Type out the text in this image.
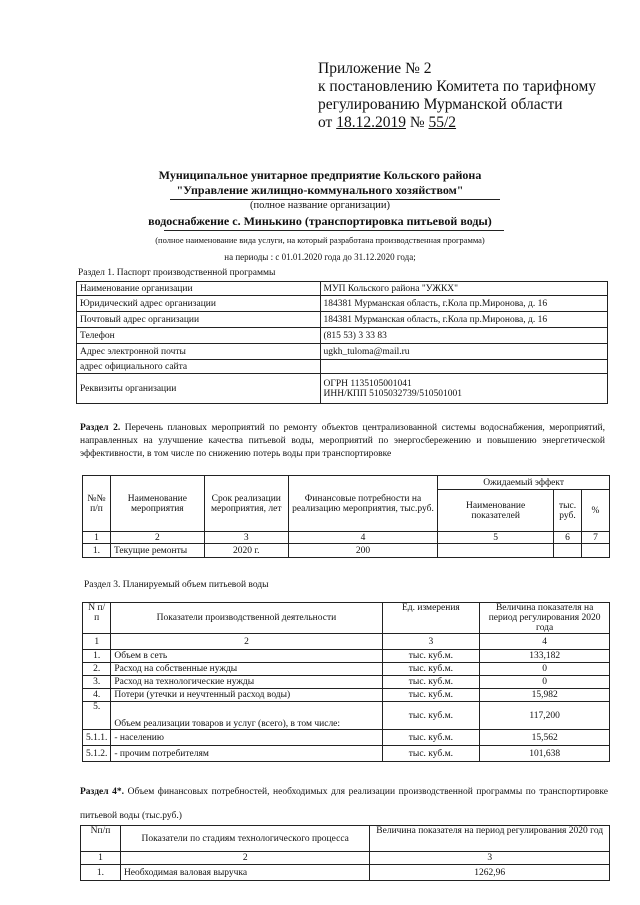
Приложение № 2
к постановлению Комитета по тарифному
регулированию Мурманской области
от 18.12.2019 № 55/2
Муниципальное унитарное предприятие Кольского района
"Управление жилищно-коммунального хозяйством"
(полное название организации)
водоснабжение с. Минькино (транспортировка питьевой воды)
(полное наименование вида услуги, на который разработана производственная программа)
на периоды : с 01.01.2020 года до 31.12.2020 года;
Раздел 1. Паспорт производственной программы
Наименование организации	МУП Кольского района "УЖКХ"
Юридический адрес организации	184381 Мурманская область, г.Кола пр.Миронова, д. 16
Почтовый адрес организации	184381 Мурманская область, г.Кола пр.Миронова, д. 16
Телефон	(815 53) 3 33 83
Адрес электронной почты	ugkh_tuloma@mail.ru
адрес официального сайта	
Реквизиты организации	ОГРН 1135105001041
ИНН/КПП 5105032739/510501001
Раздел 2. Перечень плановых мероприятий по ремонту объектов централизованной системы водоснабжения, мероприятий, направленных на улучшение качества питьевой воды, мероприятий по энергосбережению и повышению энергетической эффективности, в том числе по снижению потерь воды при транспортировке
№№ п/п	Наименование мероприятия	Срок реализации мероприятия, лет	Финансовые потребности на реализацию мероприятия, тыс.руб.	Ожидаемый эффект		
				Наименование показателей	тыс. руб.	%
1	2	3	4	5	6	7
1.	Текущие ремонты	2020 г.	200			
Раздел 3. Планируемый объем питьевой воды
N п/п	Показатели производственной деятельности	Ед. измерения	Величина показателя на период регулирования 2020 года
1	2	3	4
1.	Объем в сеть	тыс. куб.м.	133,182
2.	Расход на собственные нужды	тыс. куб.м.	0
3.	Расход на технологические нужды	тыс. куб.м.	0
4.	Потери (утечки и неучтенный расход воды)	тыс. куб.м.	15,982
5.	Объем реализации товаров и услуг (всего), в том числе:	тыс. куб.м.	117,200
5.1.1.	- населению	тыс. куб.м.	15,562
5.1.2.	- прочим потребителям	тыс. куб.м.	101,638
Раздел 4*. Объем финансовых потребностей, необходимых для реализации производственной программы по транспортировке питьевой воды (тыс.руб.)
Nп/п	Показатели по стадиям технологического процесса	Величина показателя на период регулирования 2020 год
1	2	3
1.	Необходимая валовая выручка	1262,96
